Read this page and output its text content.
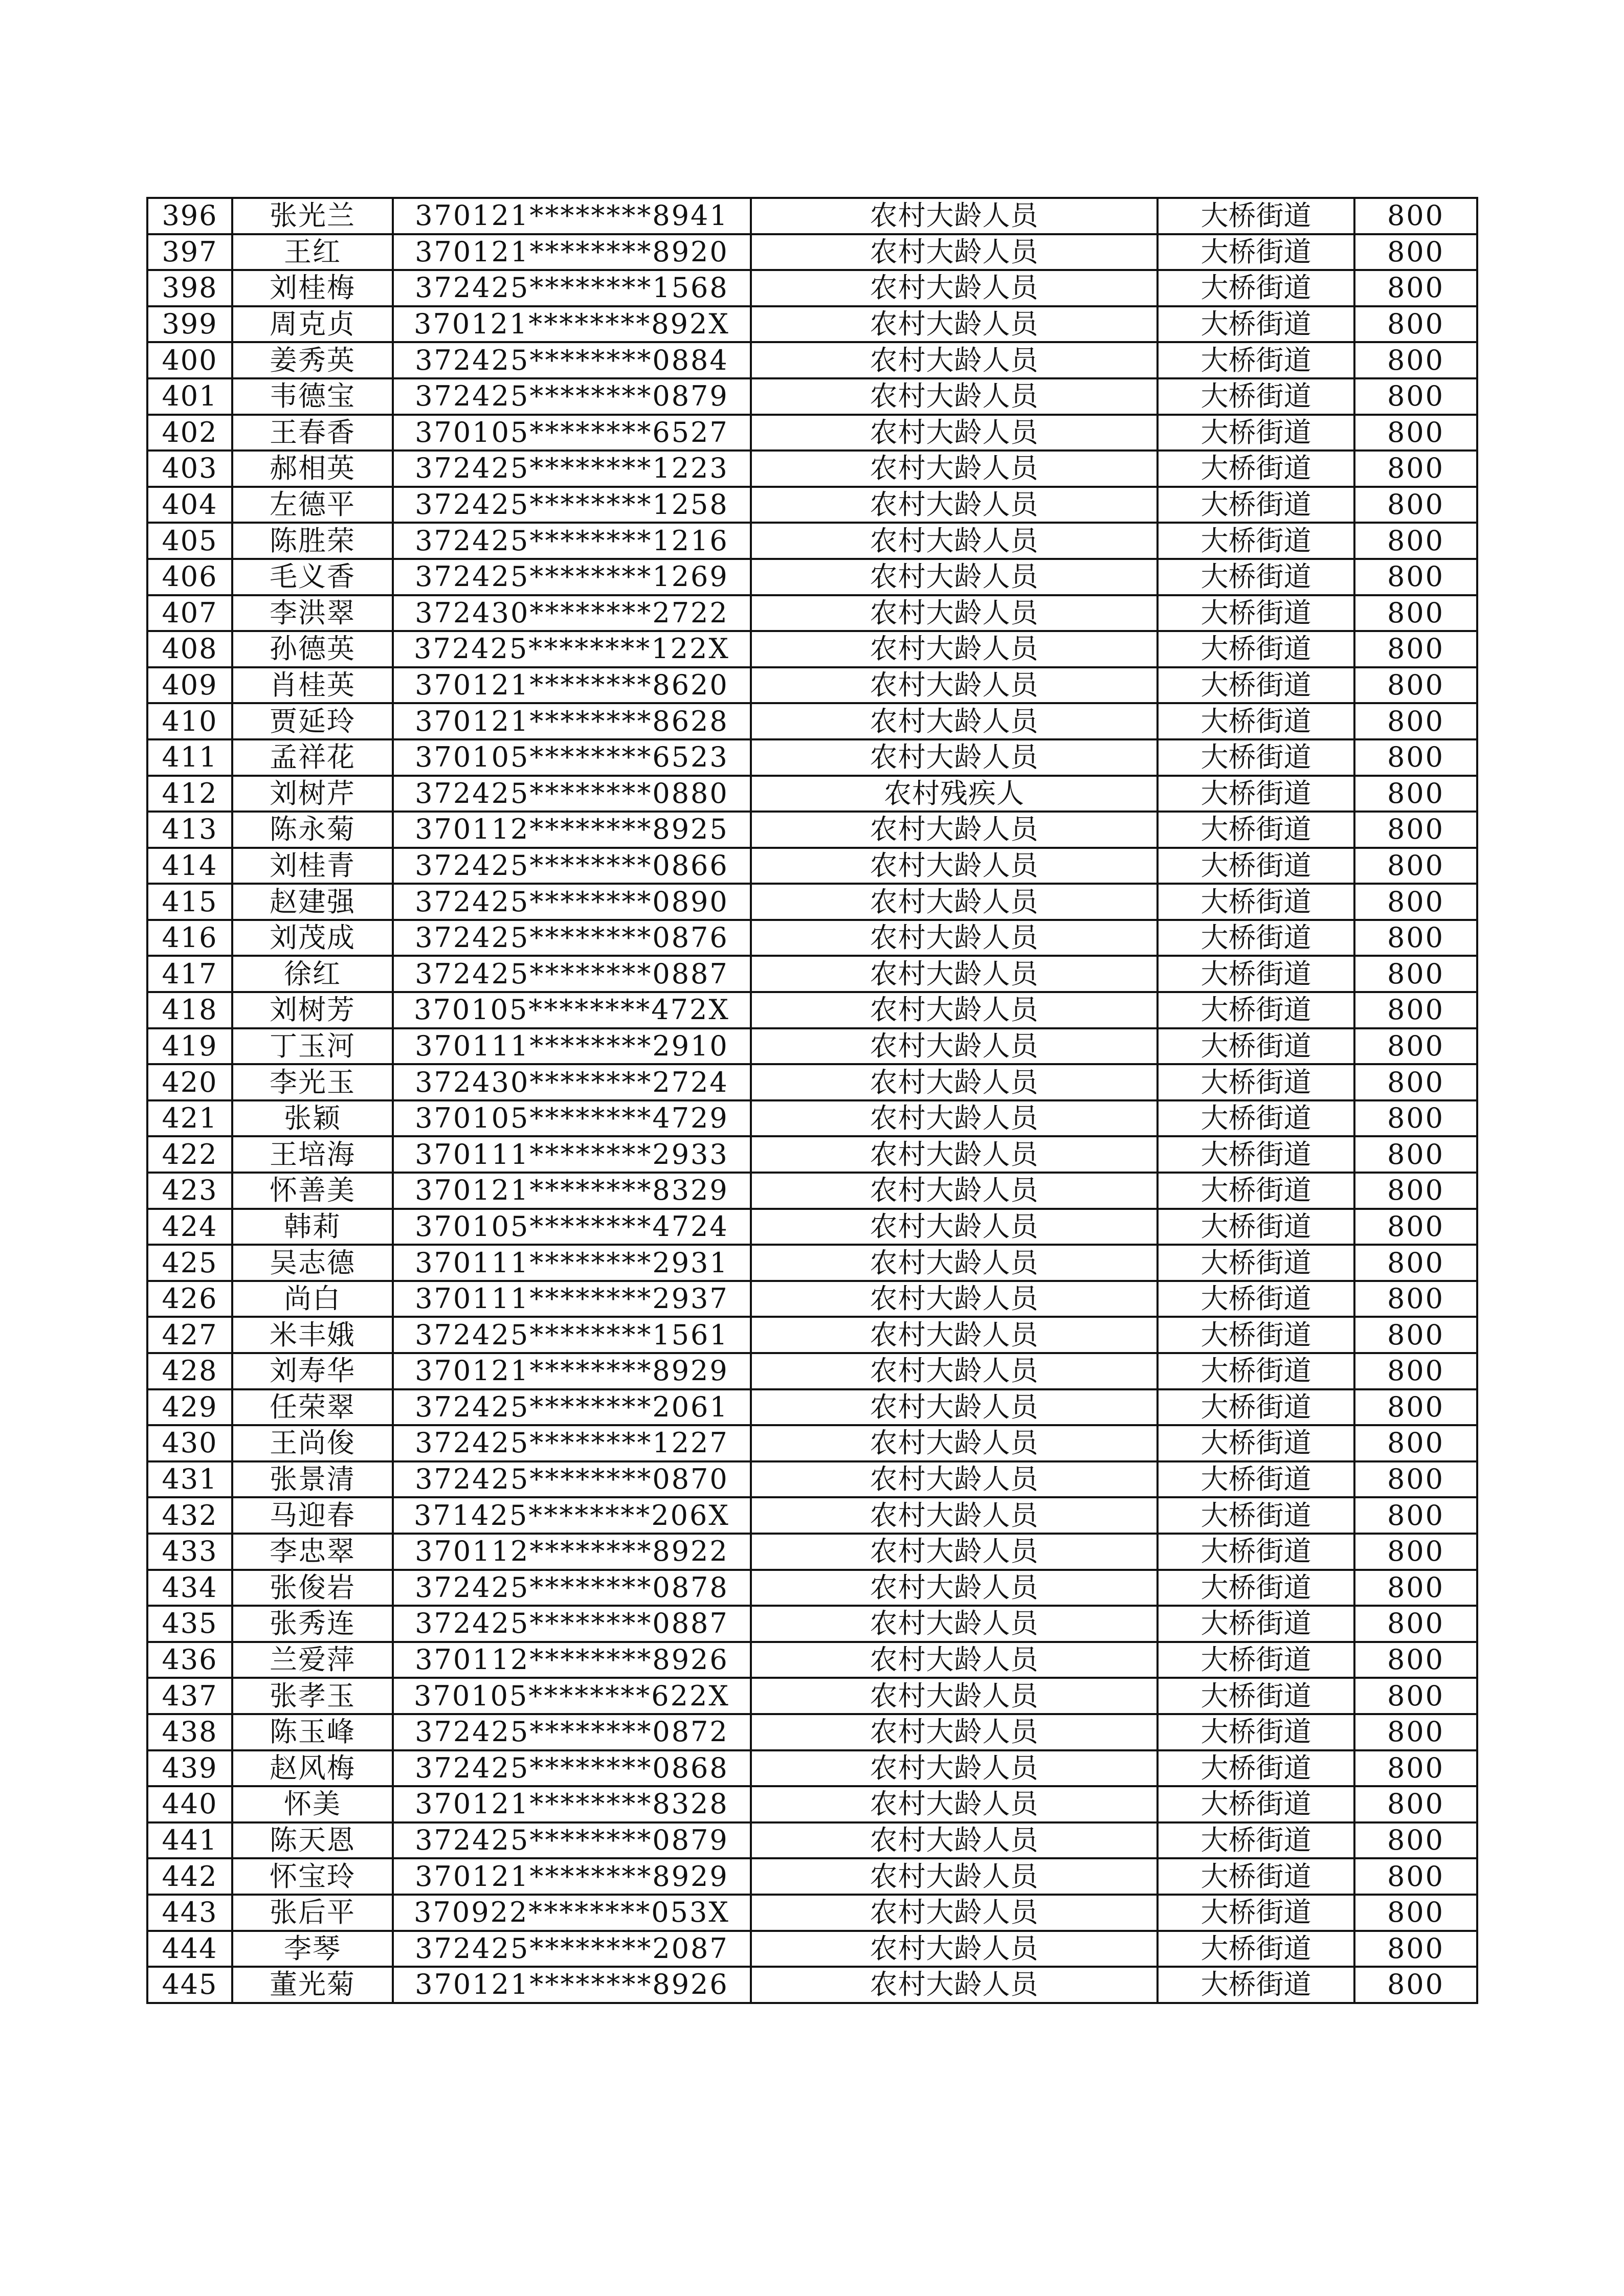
396	张光兰	370121********8941	农村大龄人员	大桥街道	800
397	王红	370121********8920	农村大龄人员	大桥街道	800
398	刘桂梅	372425********1568	农村大龄人员	大桥街道	800
399	周克贞	370121********892X	农村大龄人员	大桥街道	800
400	姜秀英	372425********0884	农村大龄人员	大桥街道	800
401	韦德宝	372425********0879	农村大龄人员	大桥街道	800
402	王春香	370105********6527	农村大龄人员	大桥街道	800
403	郝相英	372425********1223	农村大龄人员	大桥街道	800
404	左德平	372425********1258	农村大龄人员	大桥街道	800
405	陈胜荣	372425********1216	农村大龄人员	大桥街道	800
406	毛义香	372425********1269	农村大龄人员	大桥街道	800
407	李洪翠	372430********2722	农村大龄人员	大桥街道	800
408	孙德英	372425********122X	农村大龄人员	大桥街道	800
409	肖桂英	370121********8620	农村大龄人员	大桥街道	800
410	贾延玲	370121********8628	农村大龄人员	大桥街道	800
411	孟祥花	370105********6523	农村大龄人员	大桥街道	800
412	刘树芹	372425********0880	农村残疾人	大桥街道	800
413	陈永菊	370112********8925	农村大龄人员	大桥街道	800
414	刘桂青	372425********0866	农村大龄人员	大桥街道	800
415	赵建强	372425********0890	农村大龄人员	大桥街道	800
416	刘茂成	372425********0876	农村大龄人员	大桥街道	800
417	徐红	372425********0887	农村大龄人员	大桥街道	800
418	刘树芳	370105********472X	农村大龄人员	大桥街道	800
419	丁玉河	370111********2910	农村大龄人员	大桥街道	800
420	李光玉	372430********2724	农村大龄人员	大桥街道	800
421	张颖	370105********4729	农村大龄人员	大桥街道	800
422	王培海	370111********2933	农村大龄人员	大桥街道	800
423	怀善美	370121********8329	农村大龄人员	大桥街道	800
424	韩莉	370105********4724	农村大龄人员	大桥街道	800
425	吴志德	370111********2931	农村大龄人员	大桥街道	800
426	尚白	370111********2937	农村大龄人员	大桥街道	800
427	米丰娥	372425********1561	农村大龄人员	大桥街道	800
428	刘寿华	370121********8929	农村大龄人员	大桥街道	800
429	任荣翠	372425********2061	农村大龄人员	大桥街道	800
430	王尚俊	372425********1227	农村大龄人员	大桥街道	800
431	张景清	372425********0870	农村大龄人员	大桥街道	800
432	马迎春	371425********206X	农村大龄人员	大桥街道	800
433	李忠翠	370112********8922	农村大龄人员	大桥街道	800
434	张俊岩	372425********0878	农村大龄人员	大桥街道	800
435	张秀连	372425********0887	农村大龄人员	大桥街道	800
436	兰爱萍	370112********8926	农村大龄人员	大桥街道	800
437	张孝玉	370105********622X	农村大龄人员	大桥街道	800
438	陈玉峰	372425********0872	农村大龄人员	大桥街道	800
439	赵风梅	372425********0868	农村大龄人员	大桥街道	800
440	怀美	370121********8328	农村大龄人员	大桥街道	800
441	陈天恩	372425********0879	农村大龄人员	大桥街道	800
442	怀宝玲	370121********8929	农村大龄人员	大桥街道	800
443	张后平	370922********053X	农村大龄人员	大桥街道	800
444	李琴	372425********2087	农村大龄人员	大桥街道	800
445	董光菊	370121********8926	农村大龄人员	大桥街道	800
